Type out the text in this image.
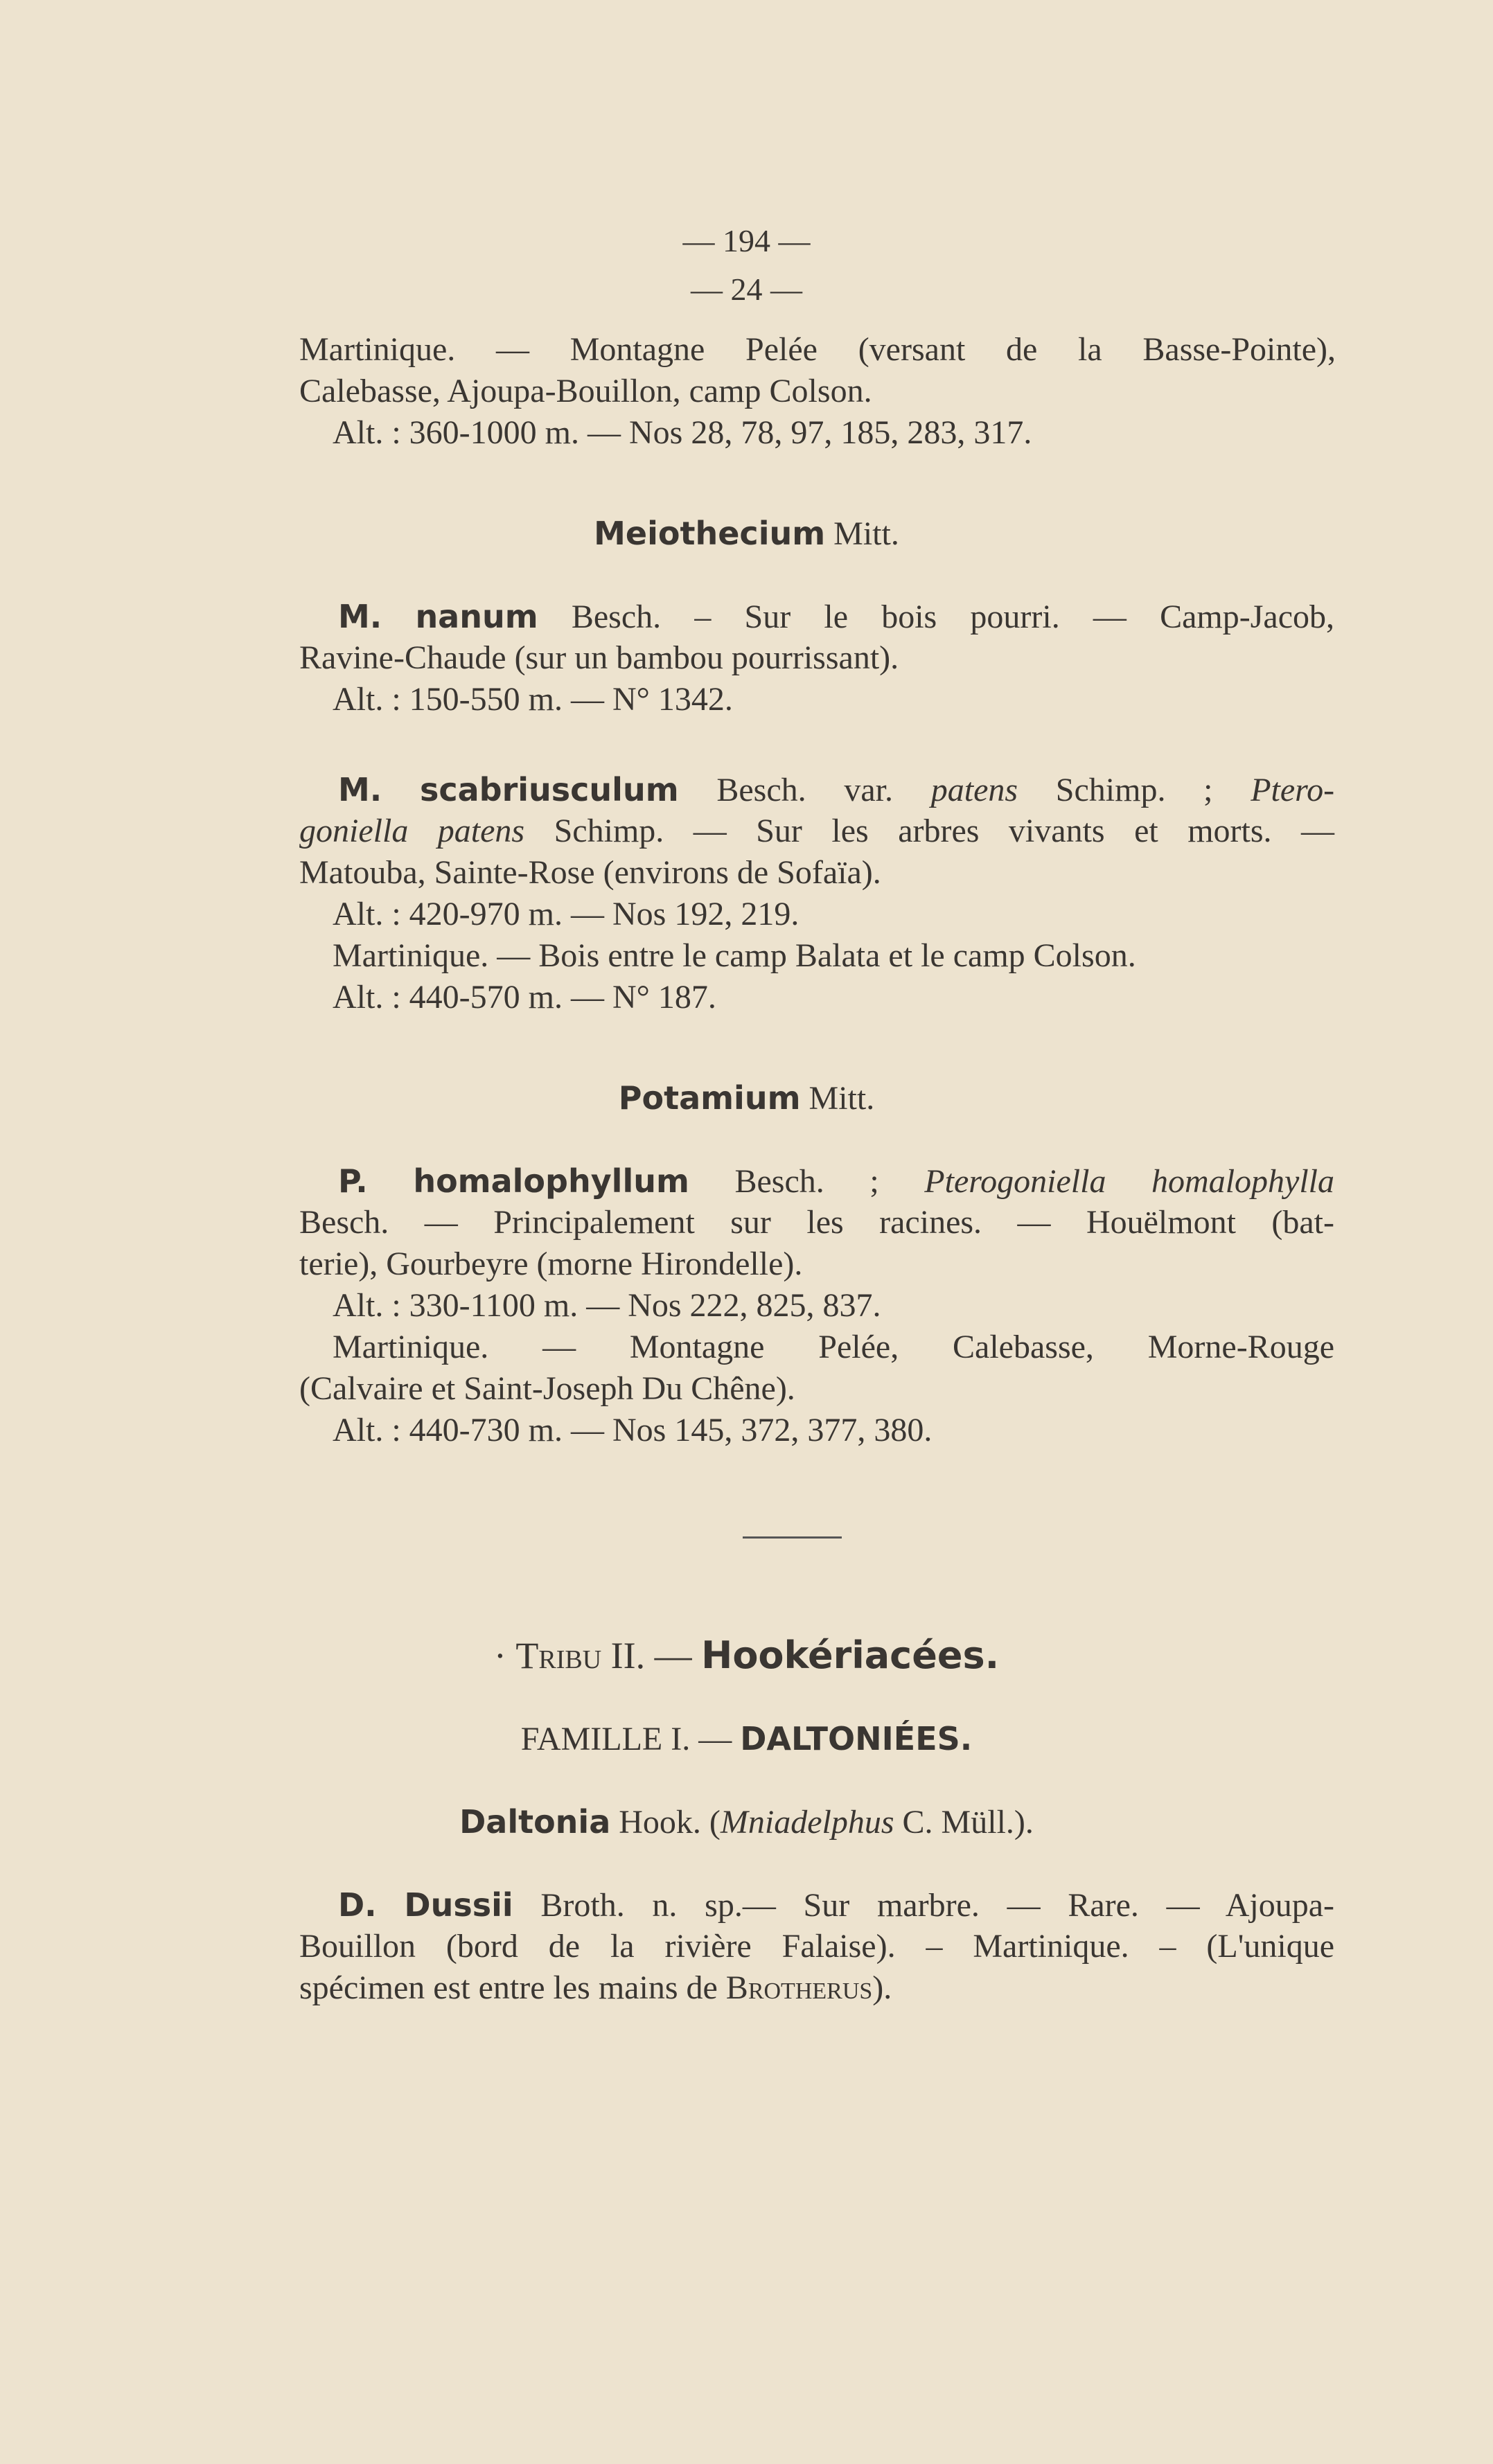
— 194 —
— 24 —
Martinique. — Montagne Pelée (versant de la Basse-Pointe),
Calebasse, Ajoupa-Bouillon, camp Colson.
Alt. : 360-1000 m. — Nos 28, 78, 97, 185, 283, 317.
Meiothecium Mitt.
M. nanum Besch. – Sur le bois pourri. — Camp-Jacob,
Ravine-Chaude (sur un bambou pourrissant).
Alt. : 150-550 m. — N° 1342.
M. scabriusculum Besch. var. patens Schimp. ; Ptero-
goniella patens Schimp. — Sur les arbres vivants et morts. —
Matouba, Sainte-Rose (environs de Sofaïa).
Alt. : 420-970 m. — Nos 192, 219.
Martinique. — Bois entre le camp Balata et le camp Colson.
Alt. : 440-570 m. — N° 187.
Potamium Mitt.
P. homalophyllum Besch. ; Pterogoniella homalophylla
Besch. — Principalement sur les racines. — Houëlmont (bat-
terie), Gourbeyre (morne Hirondelle).
Alt. : 330-1100 m. — Nos 222, 825, 837.
Martinique. — Montagne Pelée, Calebasse, Morne-Rouge
(Calvaire et Saint-Joseph Du Chêne).
Alt. : 440-730 m. — Nos 145, 372, 377, 380.
· Tribu II. — Hookériacées.
FAMILLE I. — DALTONIÉES.
Daltonia Hook. (Mniadelphus C. Müll.).
D. Dussii Broth. n. sp.— Sur marbre. — Rare. — Ajoupa-
Bouillon (bord de la rivière Falaise). – Martinique. – (L'unique
spécimen est entre les mains de Brotherus).
